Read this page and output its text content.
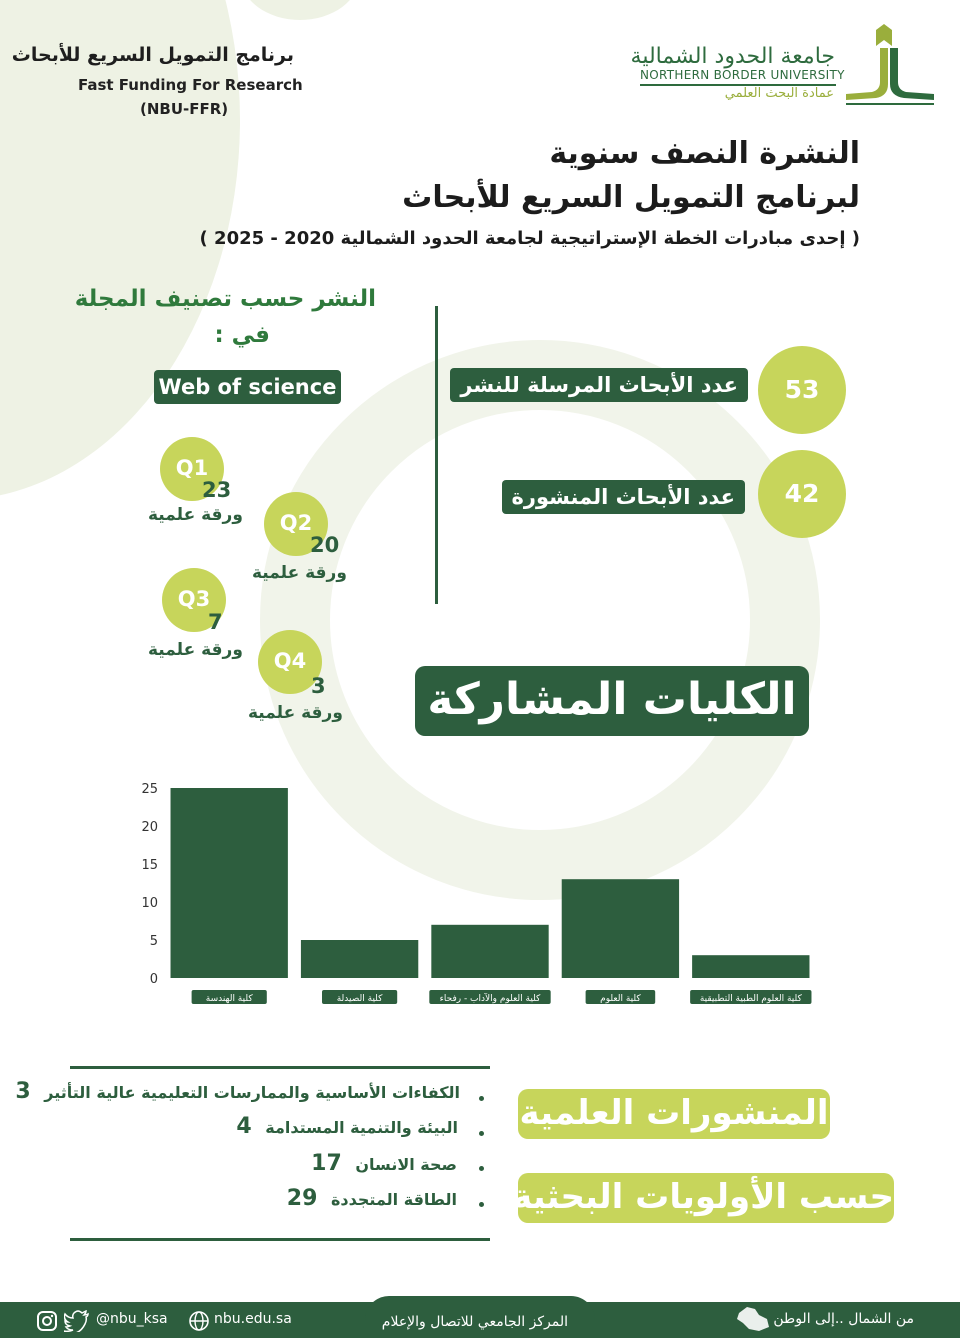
برنامج التمويل السريع للأبحاث
Fast Funding For Research
(NBU-FFR)
جامعة الحدود الشمالية
NORTHERN BORDER UNIVERSITY
عمادة البحث العلمي
النشرة النصف سنوية
لبرنامج التمويل السريع للأبحاث
( إحدى مبادرات الخطة الإستراتيجية لجامعة الحدود الشمالية 2020 - 2025 )
النشر حسب تصنيف المجلة
في :
Web of science
Q1
23
ورقة علمية	Q2
20
ورقة علمية
Q3
7
ورقة علمية	Q4
3
ورقة علمية
عدد الأبحاث المرسلة للنشر	53
عدد الأبحاث المنشورة	42
الكليات المشاركة
0
5
10
15
20
25
كلية الهندسة	كلية الصيدلة	كلية العلوم والآداب - رفحاء	كلية العلوم	كلية العلوم الطبية التطبيقية
الكفاءات الأساسية والممارسات التعليمية عالية التأثير 3
البيئة والتنمية المستدامة 4
صحة الانسان 17
الطاقة المتجددة 29
المنشورات العلمية
حسب الأولويات البحثية
@nbu_ksa	nbu.edu.sa	المركز الجامعي للاتصال والإعلام	من الشمال ..إلى الوطن
